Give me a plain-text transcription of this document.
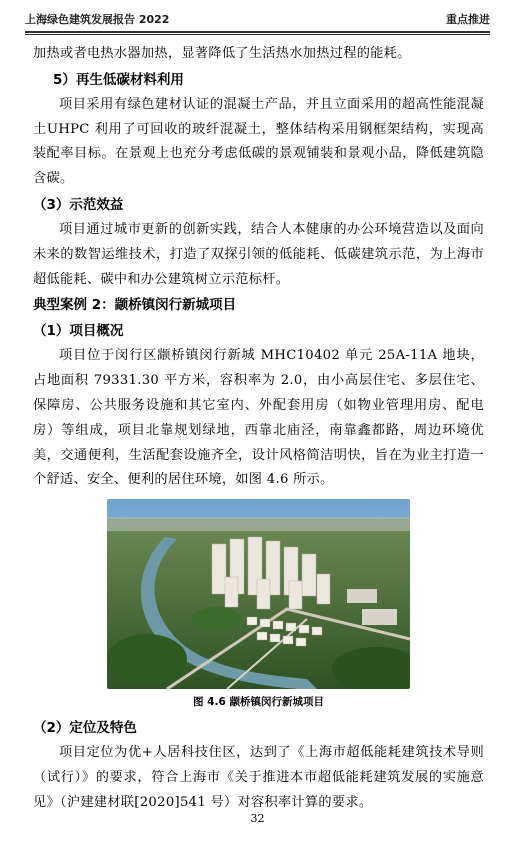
上海绿色建筑发展报告 2022	重点推进

加热或者电热水器加热，显著降低了生活热水加热过程的能耗。

5）再生低碳材料利用

项目采用有绿色建材认证的混凝土产品，并且立面采用的超高性能混凝土UHPC 利用了可回收的玻纤混凝土，整体结构采用钢框架结构，实现高装配率目标。在景观上也充分考虑低碳的景观铺装和景观小品，降低建筑隐含碳。

（3）示范效益

项目通过城市更新的创新实践，结合人本健康的办公环境营造以及面向未来的数智运维技术，打造了双探引领的低能耗、低碳建筑示范，为上海市超低能耗、碳中和办公建筑树立示范标杆。

典型案例 2：颛桥镇闵行新城项目
（1）项目概况

项目位于闵行区颛桥镇闵行新城 MHC10402 单元 25A-11A 地块，占地面积 79331.30 平方米，容积率为 2.0，由小高层住宅、多层住宅、保障房、公共服务设施和其它室内、外配套用房（如物业管理用房、配电房）等组成，项目北靠规划绿地，西靠北庙泾，南靠鑫都路，周边环境优美，交通便利，生活配套设施齐全，设计风格简洁明快，旨在为业主打造一个舒适、安全、便利的居住环境，如图 4.6 所示。

图 4.6 颛桥镇闵行新城项目
（2）定位及特色

项目定位为优+人居科技住区，达到了《上海市超低能耗建筑技术导则（试行）》的要求，符合上海市《关于推进本市超低能耗建筑发展的实施意见》（沪建建材联[2020]541 号）对容积率计算的要求。

32
